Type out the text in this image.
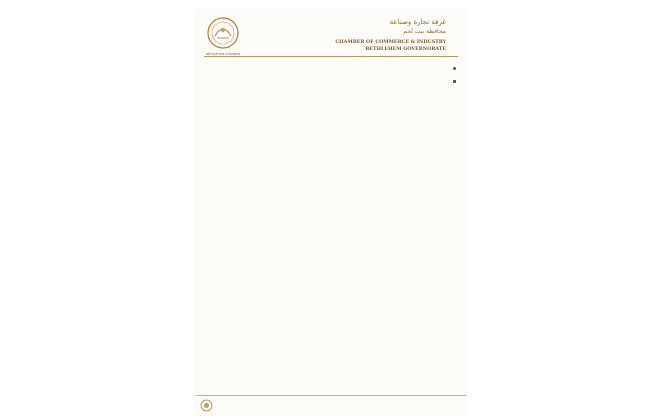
BETHLEHEM CHAMBER
غرفة تجارة وصناعة
محافظة بيت لحم
CHAMBER OF COMMERCE & INDUSTRY
BETHLEHEM GOVERNORATE
